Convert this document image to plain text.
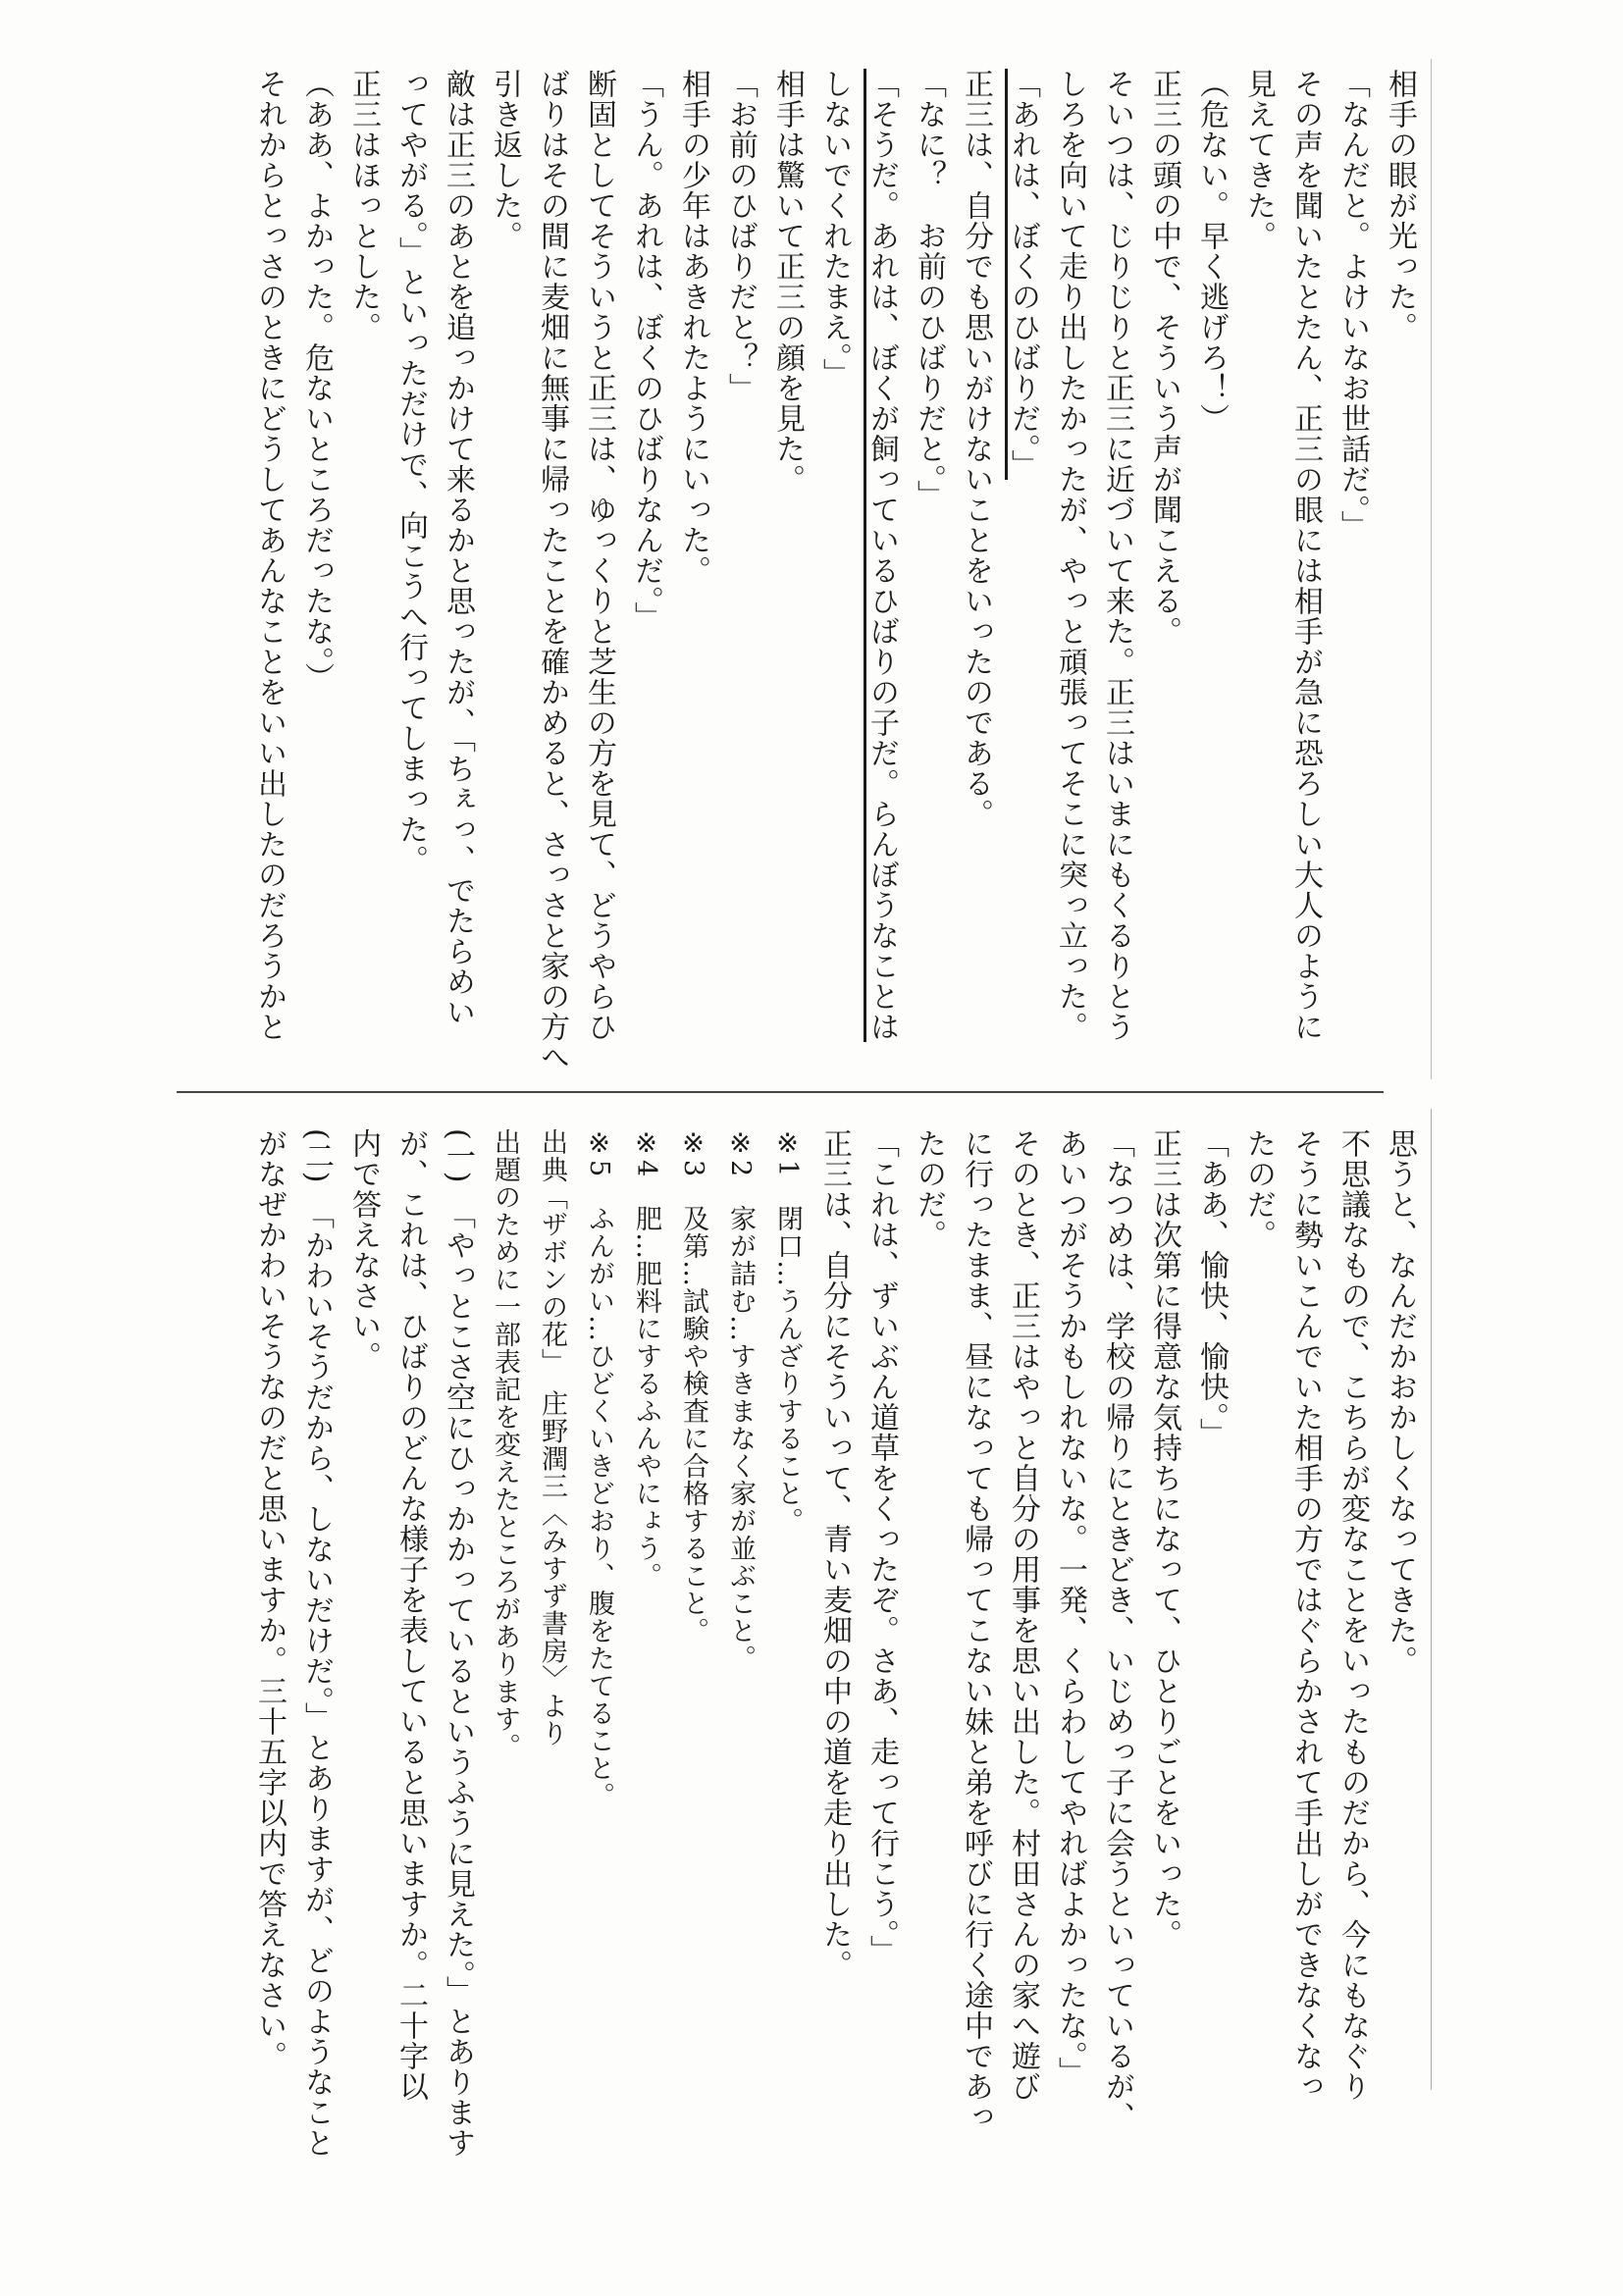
相手の眼が光った。

「なんだと。よけいなお世話だ。」

その声を聞いたとたん、正三の眼には相手が急に恐ろしい大人のように

見えてきた。

（危ない。早く逃げろ！）

正三の頭の中で、そういう声が聞こえる。

そいつは、じりじりと正三に近づいて来た。正三はいまにもくるりとう

しろを向いて走り出したかったが、やっと頑張ってそこに突っ立った。

「あれは、ぼくのひばりだ。」

正三は、自分でも思いがけないことをいったのである。

「なに？　お前のひばりだと。」

「そうだ。あれは、ぼくが飼っているひばりの子だ。らんぼうなことは

しないでくれたまえ。」

相手は驚いて正三の顔を見た。

「お前のひばりだと？」

相手の少年はあきれたようにいった。

「うん。あれは、ぼくのひばりなんだ。」

断固としてそういうと正三は、ゆっくりと芝生の方を見て、どうやらひ

ばりはその間に麦畑に無事に帰ったことを確かめると、さっさと家の方へ

引き返した。

敵は正三のあとを追っかけて来るかと思ったが、「ちぇっ、でたらめい

ってやがる。」といっただけで、向こうへ行ってしまった。

正三はほっとした。

（ああ、よかった。危ないところだったな。）

それからとっさのときにどうしてあんなことをいい出したのだろうかと

思うと、なんだかおかしくなってきた。

不思議なもので、こちらが変なことをいったものだから、今にもなぐり

そうに勢いこんでいた相手の方ではぐらかされて手出しができなくなっ

たのだ。

「ああ、愉快、愉快。」

正三は次第に得意な気持ちになって、ひとりごとをいった。

「なつめは、学校の帰りにときどき、いじめっ子に会うといっているが、

あいつがそうかもしれないな。一発、くらわしてやればよかったな。」

そのとき、正三はやっと自分の用事を思い出した。村田さんの家へ遊び

に行ったまま、昼になっても帰ってこない妹と弟を呼びに行く途中であっ

たのだ。

「これは、ずいぶん道草をくったぞ。さあ、走って行こう。」

正三は、自分にそういって、青い麦畑の中の道を走り出した。

※1　閉口…うんざりすること。

※2　家が詰む…すきまなく家が並ぶこと。

※3　及第…試験や検査に合格すること。

※4　肥…肥料にするふんやにょう。

※5　ふんがい…ひどくいきどおり、腹をたてること。

出典「ザボンの花」　庄野潤三〈みすず書房〉より

出題のために一部表記を変えたところがあります。

(一)　「やっとこさ空にひっかかっているというふうに見えた。」とあります

が、これは、ひばりのどんな様子を表していると思いますか。二十字以

内で答えなさい。

(二)　「かわいそうだから、しないだけだ。」とありますが、どのようなこと

がなぜかわいそうなのだと思いますか。三十五字以内で答えなさい。
